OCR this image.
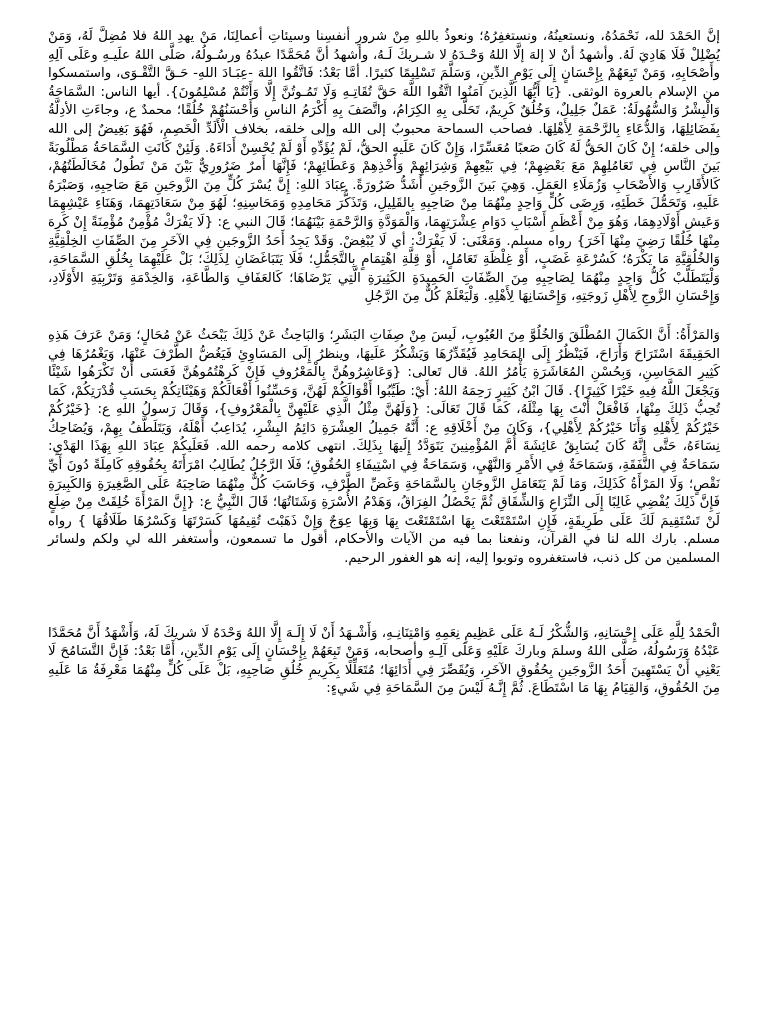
إنَّ الحَمْدَ لله، نَحْمَدُهُ، ونستعينُهُ، ونستغفِرُهُ؛ ونعوذُ باللهِ مِنْ شرورِ أنفسِنا وسيئاتِ أعمالِنَا، مَنْ يهدِ اللهُ فلا مُضِلَّ لَهُ، وَمَنْ يُضْلِلْ فَلَا هَادِيَ لَهُ. وأشهدُ أنْ لا إلهَ إلَّا اللهُ وَحْـدَهُ لا شـريكَ لَـهُ، وأشهدُ أنَّ مُحَمَّدًا عبدُهُ ورسُـولُهُ، صَلَّى اللهُ علَيـهِ وعَلَى آلِهِ وأَصْحَابِهِ، وَمَنْ تَبِعَهُمْ بِإِحْسَانٍ إِلَى يَوْمِ الدِّينِ، وَسَلَّمَ تَسْلِيمًا كثيرًا. أمَّا بَعْدُ: فَاتَّقُوا اللهَ -عِبَـادَ اللهِ- حَـقَّ التَّقْـوَى، واستمسكوا من الإسلام بالعروة الوثقى. {يَا أَيُّهَا الَّذِينَ آمَنُوا اتَّقُوا اللَّهَ حَقَّ تُقَاتِـهِ وَلَا تَمُـوتُنَّ إِلَّا وَأَنْتُمْ مُسْلِمُونَ}. أيها الناس: السَّمَاحَةُ وَالْبِشْرُ وَالسُّهُولَةُ: عَمَلٌ جَلِيلٌ، وَخُلُقٌ كَرِيمٌ، تَحَلَّى بِهِ الكِرَامُ، واتَّصَفَ بِهِ أَكْرَمُ الناسِ وَأَحْسَنُهُمْ خُلُقًا؛ محمدٌ ع، وجاءَتِ الأدِلَّةُ بِفَضَائِلِهَا، وَالدُّعَاءِ بِالرَّحْمَةِ لِأَهْلِهَا. فصاحب السماحة محبوبٌ إلى الله وإلى خلقه، بخلاف الْأَلَدِّ الْخَصِمِ، فَهُوَ بَغِيضٌ إلى الله وإلى خلقه؛ إِنْ كَانَ الحَقُّ لَهُ كَانَ صَعبًا مُعَسِّرًا، وَإِنْ كَانَ عَلَيهِ الحقُّ، لَمْ يُؤَدِّهِ أَوْ لَمْ يُحْسِنْ أَدَاءَهُ. وَلَئِنْ كَانَتِ السَّمَاحَةُ مَطْلُوبَةً بَينَ النَّاسِ فِي تَعَامُلِهِمْ مَعَ بَعْضِهِمْ؛ فِي بَيْعِهِمْ وَشِرَائِهِمْ وَأَخْذِهِمْ وَعَطَائِهِمْ؛ فَإِنَّهَا أَمرٌ ضَرُورِيٌّ بَيْنَ مَنْ تَطُولُ مُخَالَطَتُهُمْ، كَالأَقَارِبِ وَالأَصْحَابِ وَزُمَلَاءِ العَمَلِ. وَهِيَ بَينَ الزَّوجَينِ أَشَدُّ ضَرُورَةً. عِبَادَ اللهِ: إِنَّ يُسْرَ كُلٍّ مِنَ الزَّوجَينِ مَعَ صَاحِبِهِ، وَصَبْرَهُ عَلَيهِ، وَتَحَمُّلَ خَطَئِهِ، وَرِضَى كُلٍّ وَاحِدٍ مِنْهُمَا مِنْ صَاحِبِهِ بِالقَلِيلِ، وَتَذَكُّرَ مَحَامِدِهِ وَمَحَاسِنِهِ؛ لَهُوَ مِنْ سَعَادَتِهِمَا، وَهَنَاءِ عَيْشِهِمَا وَعَيشِ أَوْلَادِهِمَا، وَهُوَ مِنْ أَعْظَمِ أَسْبَابِ دَوَامِ عِشْرَتِهِمَا، وَالْمَوَدَّةِ وَالرَّحْمَةِ بَيْنَهُمَا؛ قَالَ النبي ع: {لَا يَفْرَكْ مُؤْمِنٌ مُؤْمِنَةً إِنْ كَرِهَ مِنْهَا خُلُقًا رَضِيَ مِنْهَا آخَرَ} رواه مسلم. وَمَعْنَى: لَا يَفْرَكْ: أي لَا يُبْغِضْ. وَقَدْ يَجِدُ أَحَدُ الزَّوجَينِ فِي الآخَرِ مِنَ الصِّفَاتِ الخِلْقِيَّةِ وَالخُلُقِيَّةِ مَا يَكْرَهُ؛ كَسُرْعَةِ غَضَبٍ، أَوْ غِلْظَةِ تَعَامُلٍ، أَوْ قِلَّةِ اهْتِمَامٍ بِالتَّجَمُّلِ؛ فَلَا يَتَبَاغَضَانِ لِذَلِكَ؛ بَلْ عَلَيْهِمَا بِخُلُقِ السَّمَاحَةِ، وَلْيَتَطَلَّبْ كُلُّ وَاحِدٍ مِنْهُمَا لِصَاحِبِهِ مِنَ الصِّفَاتِ الحَمِيدَةِ الكَثِيرَةِ الَّتِي يَرْضَاهَا؛ كَالعَفَافِ وَالطَّاعَةِ، وَالخِدْمَةِ وَتَرْبِيَةِ الأَوْلَادِ، وَإِحْسَانِ الزَّوجِ لِأَهْلِ زَوجَتِهِ، وَإِحْسَانِهَا لِأَهْلِهِ. وَلْيَعْلَمْ كُلٌّ مِنَ الرَّجُلِ

وَالمَرْأَةُ: أَنَّ الكَمَالَ المُطْلَقَ وَالخُلُوَّ مِنَ العُيُوبِ، لَيسَ مِنْ صِفَاتِ البَشَرِ؛ وَالبَاحِثُ عَنْ ذَلِكَ يَبْحَثُ عَنْ مُحَالٍ؛ وَمَنْ عَرَفَ هَذِهِ الحَقِيقَةَ اسْتَرَاحَ وَأَرَاحَ، فَيَنْظُرُ إِلَى المَحَامِدِ فَيُقَدِّرُهَا وَيَشْكُرُ عَلَيهَا، وينظرُ إِلَى المَسَاوِئِ فَيَغُضُّ الطَّرْفَ عَنْهَا، وَيَغْمُرُهَا فِي كَثِيرِ المَحَاسِنِ، وَبِحُسْنِ المُعَاشَرَةِ يَأْمُرُ اللهُ. قال تَعالى: {وَعَاشِرُوهُنَّ بِالْمَعْرُوفِ فَإِنْ كَرِهْتُمُوهُنَّ فَعَسَى أَنْ تَكْرَهُوا شَيْئًا وَيَجْعَلَ اللَّهُ فِيهِ خَيْرًا كَثِيرًا}. قَالَ ابْنُ كَثِيرٍ رَحِمَهُ اللهُ: أَيْ: طَيِّبُوا أَقْوَالَكُمْ لَهُنَّ، وَحَسِّنُوا أَفْعَالَكُمْ وَهَيْئَاتِكُمْ بِحَسَبِ قُدْرَتِكُمْ، كَمَا تُحِبُّ ذَلِكَ مِنْهَا، فَافْعَلْ أَنْتَ بِهَا مِثْلَهُ، كَمَا قَالَ تَعَالَى: {وَلَهُنَّ مِثْلُ الَّذِي عَلَيْهِنَّ بِالْمَعْرُوفِ}، وَقَالَ رَسولُ اللهِ ع: {خَيْرُكُمْ خَيْرُكُمْ لِأَهْلِهِ وَأَنَا خَيْرُكُمْ لِأَهْلِي}، وَكَانَ مِنْ أَخْلَاقِهِ ع: أَنَّهُ جَمِيلُ العِشْرَةِ دَائِمُ البِشْرِ، يُدَاعِبُ أَهْلَهُ، وَيَتَلَطَّفُ بِهِمْ، وَيُضَاحِكُ نِسَاءَهُ، حَتَّى إِنَّهُ كَانَ يُسَابِقُ عَائِشَةَ أُمَّ المُؤْمِنِينَ يَتَوَدَّدُ إِلَيهَا بِذَلِكَ. انتهى كلامه رحمه الله. فَعَلَيكُمْ عِبَادَ اللهِ بِهَذَا الهَدْيِ: سَمَاحَةٌ فِي النَّفَقَةِ، وَسَمَاحَةٌ فِي الأَمْرِ وَالنَّهْيِ، وَسَمَاحَةٌ فِي اسْتِيفَاءِ الحُقُوقِ؛ فَلَا الرَّجُلُ يُطَالِبُ امْرَأَتَهُ بِحُقُوقِهِ كَامِلَةً دُونَ أَيِّ نَقْصٍ؛ وَلَا المَرْأَةُ كَذَلِكَ، وَمَا لَمْ يَتَعَامَلِ الزَّوجَانِ بِالسَّمَاحَةِ وَغَضِّ الطَّرْفِ، وَحَاسَبَ كُلٌّ مِنْهُمَا صَاحِبَهُ عَلَى الصَّغِيرَةِ وَالكَبِيرَةِ فَإِنَّ ذَلِكَ يُفْضِي غَالِبًا إِلَى النِّزَاعِ وَالشِّقَاقِ ثُمَّ يَحْصُلُ الفِرَاقُ، وَهَدْمُ الأُسْرَةِ وَشَتَاتُهَا؛ قَالَ النَّبِيُّ ع: {إِنَّ المَرْأَةَ خُلِقَتْ مِنْ ضِلَعٍ لَنْ تَسْتَقِيمَ لَكَ عَلَى طَرِيقَةٍ، فَإِنِ اسْتَمْتَعْتَ بِهَا اسْتَمْتَعْتَ بِهَا وَبِهَا عِوَجٌ وَإِنْ ذَهَبْتَ تُقِيمُهَا كَسَرْتَهَا وَكَسْرُهَا طَلَاقُهَا } رواه مسلم. بارك الله لنا في القرآن، ونفعنا بما فيه من الآيات والأحكام، أقول ما تسمعون، وأستغفر الله لي ولكم ولسائر المسلمين من كل ذنب، فاستغفروه وتوبوا إليه، إنه هو الغفور الرحيم.

الْحَمْدُ لِلَّهِ عَلَى إِحْسَانِهِ، وَالشُّكْرُ لَـهُ عَلَى عَظِيمِ نِعَمِهِ وَامْتِنَانِـهِ، وَأَشْـهَدُ أَنْ لَا إِلَـهَ إِلَّا اللهُ وَحْدَهُ لَا شريكَ لَهُ، وَأَشْهَدُ أَنَّ مُحَمَّدًا عَبْدُهُ وَرَسُولُهُ، صَلَّى اللهُ وسلمَ وباركَ عَلَيْهِ وَعَلَى آلِـهِ وأصحابه، وَمَنْ تَبِعَهُمْ بِإِحْسَانٍ إِلَى يَوْمِ الدِّينِ، أَمَّا بَعْدُ: فَإِنَّ التَّسَامُحَ لَا يَعْنِي أَنْ يَسْتَهِينَ أَحَدُ الزَّوجَينِ بِحُقُوقِ الآخَرِ، وَيُقَصِّرَ فِي أَدَائِهَا؛ مُتَعَلِّلًا بِكَرِيمِ خُلُقِ صَاحِبِهِ، بَلْ عَلَى كُلٍّ مِنْهُمَا مَعْرِفَةُ مَا عَلَيهِ مِنَ الحُقُوقِ، وَالقِيَامُ بِهَا مَا اسْتَطَاعَ. ثُمَّ إِنَّـهُ لَيْسَ مِنَ السَّمَاحَةِ فِي شَيءٍ:
